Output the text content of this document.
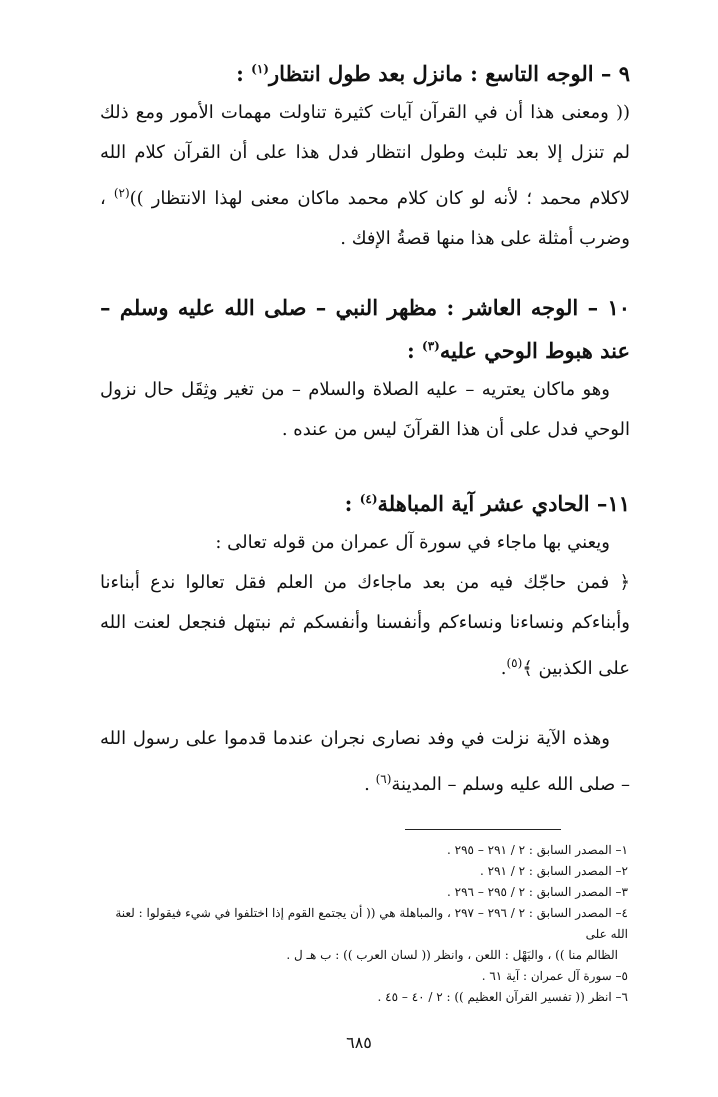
٩ – الوجه التاسع : مانزل بعد طول انتظار$^{(١)}$ :

(( ومعنى هذا أن في القرآن آيات كثيرة تناولت مهمات الأمور ومع ذلك لم تنزل إلا بعد تلبث وطول انتظار فدل هذا على أن القرآن كلام الله لاكلام محمد ؛ لأنه لو كان كلام محمد ماكان معنى لهذا الانتظار ))$^{(٢)}$ ، وضرب أمثلة على هذا منها قصةُ الإفك .

١٠ – الوجه العاشر : مظهر النبي – صلى الله عليه وسلم – عند هبوط الوحي عليه$^{(٣)}$ :

وهو ماكان يعتريه – عليه الصلاة والسلام – من تغير وثِقَل حال نزول الوحي فدل على أن هذا القرآنَ ليس من عنده .

١١– الحادي عشر آية المباهلة$^{(٤)}$ :

ويعني بها ماجاء في سورة آل عمران من قوله تعالى :

﴿ فمن حاجّك فيه من بعد ماجاءك من العلم فقل تعالوا ندع أبناءنا وأبناءكم ونساءنا ونساءكم وأنفسنا وأنفسكم ثم نبتهل فنجعل لعنت الله على الكذبين ﴾$^{(٥)}$.

وهذه الآية نزلت في وفد نصارى نجران عندما قدموا على رسول الله – صلى الله عليه وسلم – المدينة$^{(٦)}$ .

١– المصدر السابق : ٢ / ٢٩١ – ٢٩٥ .

٢– المصدر السابق : ٢ / ٢٩١ .

٣– المصدر السابق : ٢ / ٢٩٥ – ٢٩٦ .

٤– المصدر السابق : ٢ / ٢٩٦ – ٢٩٧ ، والمباهلة هي (( أن يجتمع القوم إذا اختلفوا في شيء فيقولوا : لعنة الله على

الظالم منا )) ، والبَهْل : اللعن ، وانظر (( لسان العرب )) : ب هـ ل .

٥– سورة آل عمران : آية ٦١ .

٦– انظر (( تفسير القرآن العظيم )) : ٢ / ٤٠ – ٤٥ .

٦٨٥
